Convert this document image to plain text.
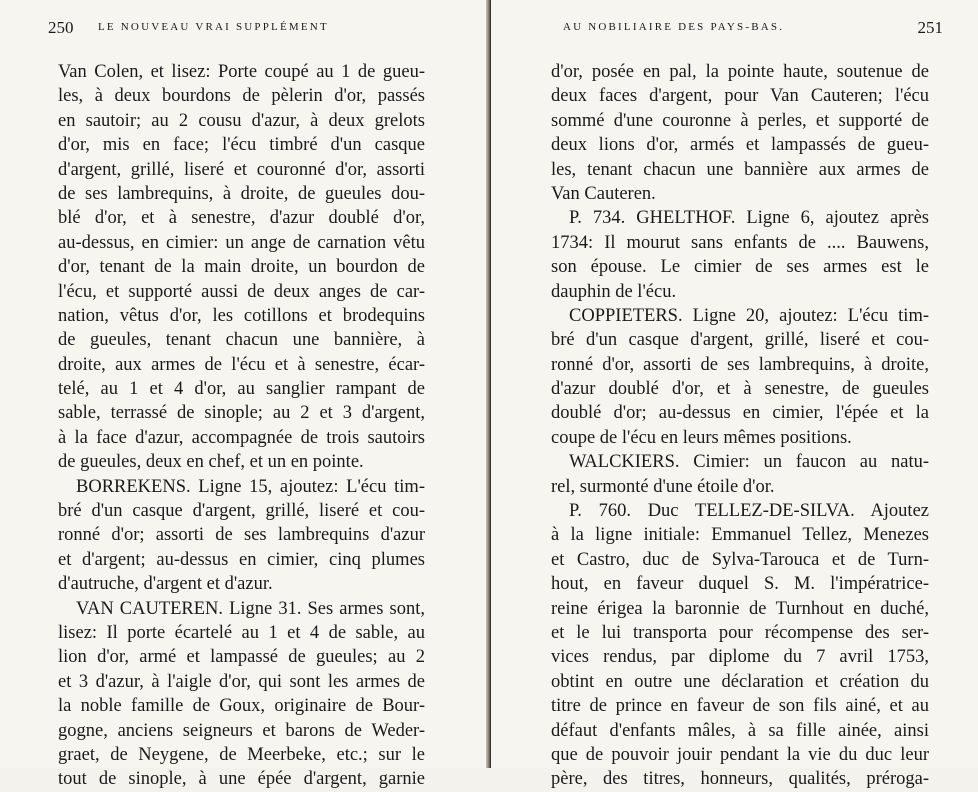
250 LE NOUVEAU VRAI SUPPLÉMENT
Van Colen, et lisez: Porte coupé au 1 de gueu-
les, à deux bourdons de pèlerin d'or, passés
en sautoir; au 2 cousu d'azur, à deux grelots
d'or, mis en face; l'écu timbré d'un casque
d'argent, grillé, liseré et couronné d'or, assorti
de ses lambrequins, à droite, de gueules dou-
blé d'or, et à senestre, d'azur doublé d'or,
au-dessus, en cimier: un ange de carnation vêtu
d'or, tenant de la main droite, un bourdon de
l'écu, et supporté aussi de deux anges de car-
nation, vêtus d'or, les cotillons et brodequins
de gueules, tenant chacun une bannière, à
droite, aux armes de l'écu et à senestre, écar-
telé, au 1 et 4 d'or, au sanglier rampant de
sable, terrassé de sinople; au 2 et 3 d'argent,
à la face d'azur, accompagnée de trois sautoirs
de gueules, deux en chef, et un en pointe.
BORREKENS. Ligne 15, ajoutez: L'écu tim-
bré d'un casque d'argent, grillé, liseré et cou-
ronné d'or; assorti de ses lambrequins d'azur
et d'argent; au-dessus en cimier, cinq plumes
d'autruche, d'argent et d'azur.
VAN CAUTEREN. Ligne 31. Ses armes sont,
lisez: Il porte écartelé au 1 et 4 de sable, au
lion d'or, armé et lampassé de gueules; au 2
et 3 d'azur, à l'aigle d'or, qui sont les armes de
la noble famille de Goux, originaire de Bour-
gogne, anciens seigneurs et barons de Weder-
graet, de Neygene, de Meerbeke, etc.; sur le
tout de sinople, à une épée d'argent, garnie
AU NOBILIAIRE DES PAYS-BAS.	251
d'or, posée en pal, la pointe haute, soutenue de
deux faces d'argent, pour Van Cauteren; l'écu
sommé d'une couronne à perles, et supporté de
deux lions d'or, armés et lampassés de gueu-
les, tenant chacun une bannière aux armes de
Van Cauteren.
P. 734. GHELTHOF. Ligne 6, ajoutez après
1734: Il mourut sans enfants de .... Bauwens,
son épouse. Le cimier de ses armes est le
dauphin de l'écu.
COPPIETERS. Ligne 20, ajoutez: L'écu tim-
bré d'un casque d'argent, grillé, liseré et cou-
ronné d'or, assorti de ses lambrequins, à droite,
d'azur doublé d'or, et à senestre, de gueules
doublé d'or; au-dessus en cimier, l'épée et la
coupe de l'écu en leurs mêmes positions.
WALCKIERS. Cimier: un faucon au natu-
rel, surmonté d'une étoile d'or.
P. 760. Duc TELLEZ-DE-SILVA. Ajoutez
à la ligne initiale: Emmanuel Tellez, Menezes
et Castro, duc de Sylva-Tarouca et de Turn-
hout, en faveur duquel S. M. l'impératrice-
reine érigea la baronnie de Turnhout en duché,
et le lui transporta pour récompense des ser-
vices rendus, par diplome du 7 avril 1753,
obtint en outre une déclaration et création du
titre de prince en faveur de son fils ainé, et au
défaut d'enfants mâles, à sa fille ainée, ainsi
que de pouvoir jouir pendant la vie du duc leur
père, des titres, honneurs, qualités, préroga-
